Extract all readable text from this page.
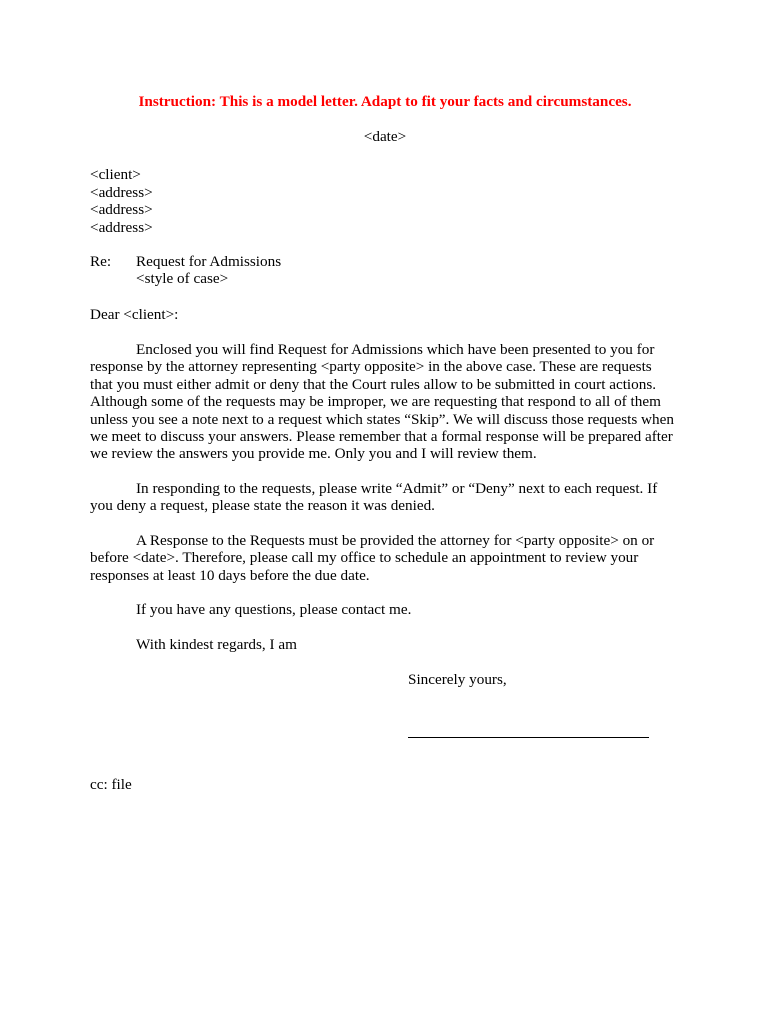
Instruction: This is a model letter. Adapt to fit your facts and circumstances.
<date>
<client>
<address>
<address>
<address>
Re: Request for Admissions
<style of case>
Dear <client>:
Enclosed you will find Request for Admissions which have been presented to you for
response by the attorney representing <party opposite> in the above case. These are requests
that you must either admit or deny that the Court rules allow to be submitted in court actions.
Although some of the requests may be improper, we are requesting that respond to all of them
unless you see a note next to a request which states “Skip”. We will discuss those requests when
we meet to discuss your answers. Please remember that a formal response will be prepared after
we review the answers you provide me. Only you and I will review them.
In responding to the requests, please write “Admit” or “Deny” next to each request. If
you deny a request, please state the reason it was denied.
A Response to the Requests must be provided the attorney for <party opposite> on or
before <date>. Therefore, please call my office to schedule an appointment to review your
responses at least 10 days before the due date.
If you have any questions, please contact me.
With kindest regards, I am
Sincerely yours,
cc: file
